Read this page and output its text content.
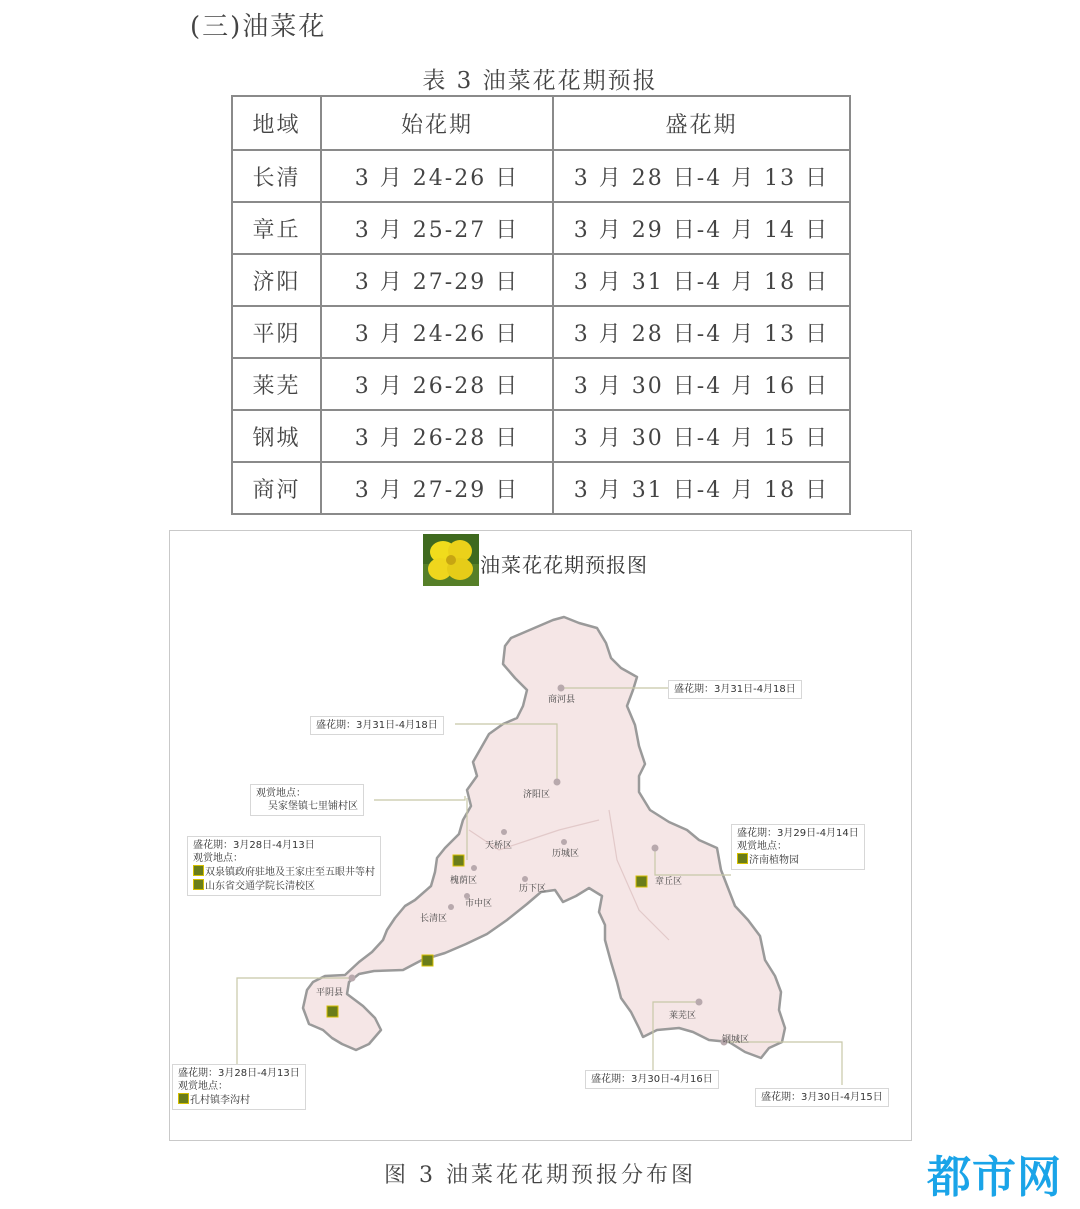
(三)油菜花
表 3 油菜花花期预报
地域	始花期	盛花期
长清	3 月 24-26 日	3 月 28 日-4 月 13 日
章丘	3 月 25-27 日	3 月 29 日-4 月 14 日
济阳	3 月 27-29 日	3 月 31 日-4 月 18 日
平阴	3 月 24-26 日	3 月 28 日-4 月 13 日
莱芜	3 月 26-28 日	3 月 30 日-4 月 16 日
钢城	3 月 26-28 日	3 月 30 日-4 月 15 日
商河	3 月 27-29 日	3 月 31 日-4 月 18 日
油菜花花期预报图
商河县
济阳区
天桥区
历城区
槐荫区
市中区
历下区
长清区
章丘区
平阴县
莱芜区
钢城区
盛花期：3月31日-4月18日
盛花期：3月31日-4月18日
观赏地点：
吴家堡镇七里铺村区
盛花期：3月28日-4月13日
观赏地点：
双泉镇政府驻地及王家庄至五眼井等村
山东省交通学院长清校区
盛花期：3月29日-4月14日
观赏地点：
济南植物园
盛花期：3月28日-4月13日
观赏地点：
孔村镇李沟村
盛花期：3月30日-4月16日
盛花期：3月30日-4月15日
图 3 油菜花花期预报分布图	都市网
